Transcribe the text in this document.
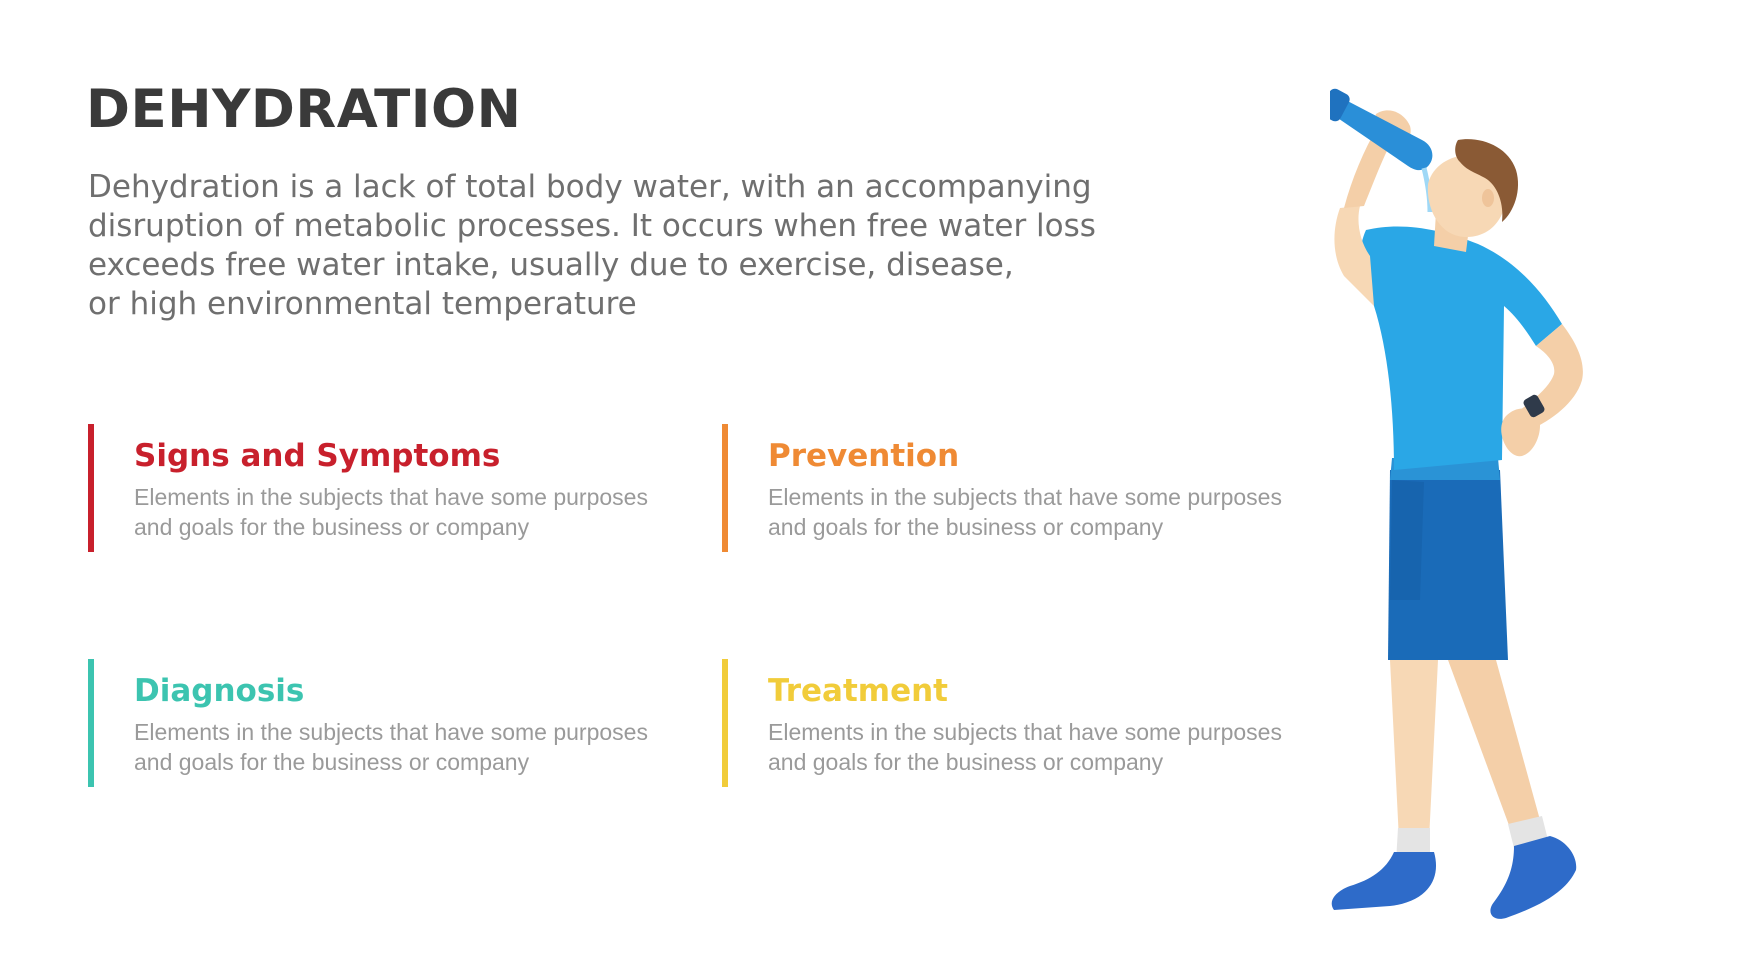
DEHYDRATION

Dehydration is a lack of total body water, with an accompanying
disruption of metabolic processes. It occurs when free water loss
exceeds free water intake, usually due to exercise, disease,
or high environmental temperature

Signs and Symptoms

Elements in the subjects that have some purposes
and goals for the business or company

Prevention

Elements in the subjects that have some purposes
and goals for the business or company

Diagnosis

Elements in the subjects that have some purposes
and goals for the business or company

Treatment

Elements in the subjects that have some purposes
and goals for the business or company
